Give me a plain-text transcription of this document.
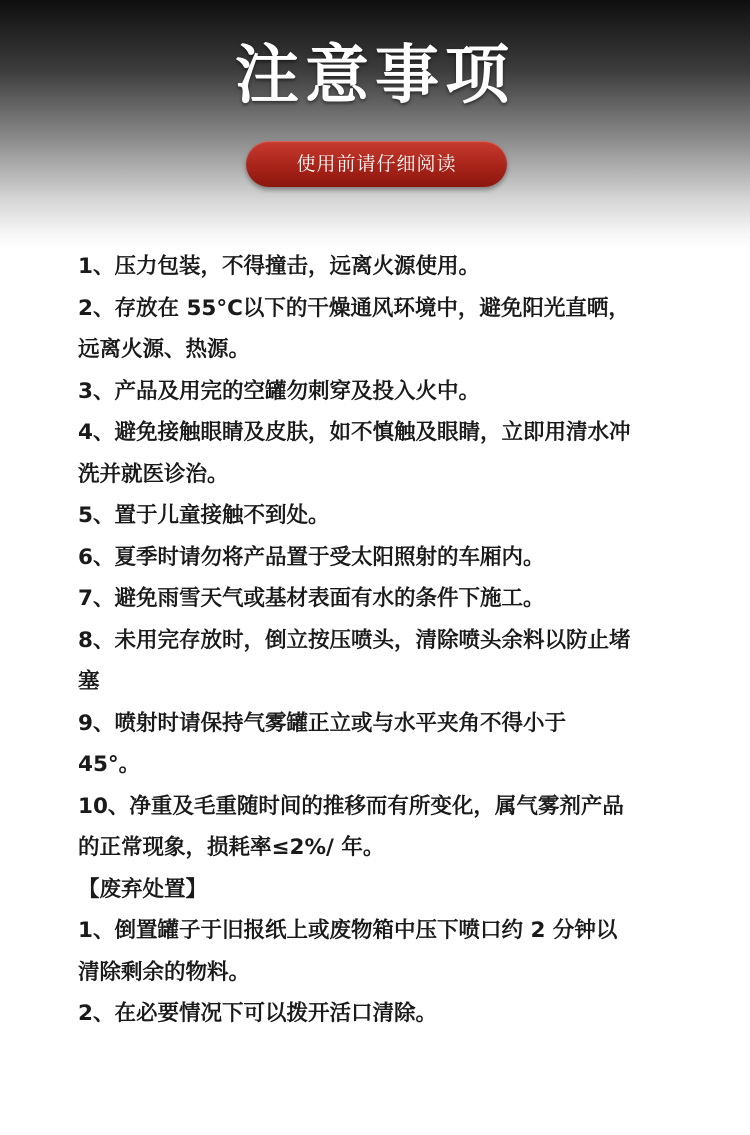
注意事项
使用前请仔细阅读
1、压力包装，不得撞击，远离火源使用。
2、存放在 55°C以下的干燥通风环境中，避免阳光直晒，
远离火源、热源。
3、产品及用完的空罐勿刺穿及投入火中。
4、避免接触眼睛及皮肤，如不慎触及眼睛，立即用清水冲
洗并就医诊治。
5、置于儿童接触不到处。
6、夏季时请勿将产品置于受太阳照射的车厢内。
7、避免雨雪天气或基材表面有水的条件下施工。
8、未用完存放时，倒立按压喷头，清除喷头余料以防止堵
塞
9、喷射时请保持气雾罐正立或与水平夹角不得小于
45°。
10、净重及毛重随时间的推移而有所变化，属气雾剂产品
的正常现象，损耗率≤2%/ 年。
【废弃处置】
1、倒置罐子于旧报纸上或废物箱中压下喷口约 2 分钟以
清除剩余的物料。
2、在必要情况下可以拨开活口清除。
